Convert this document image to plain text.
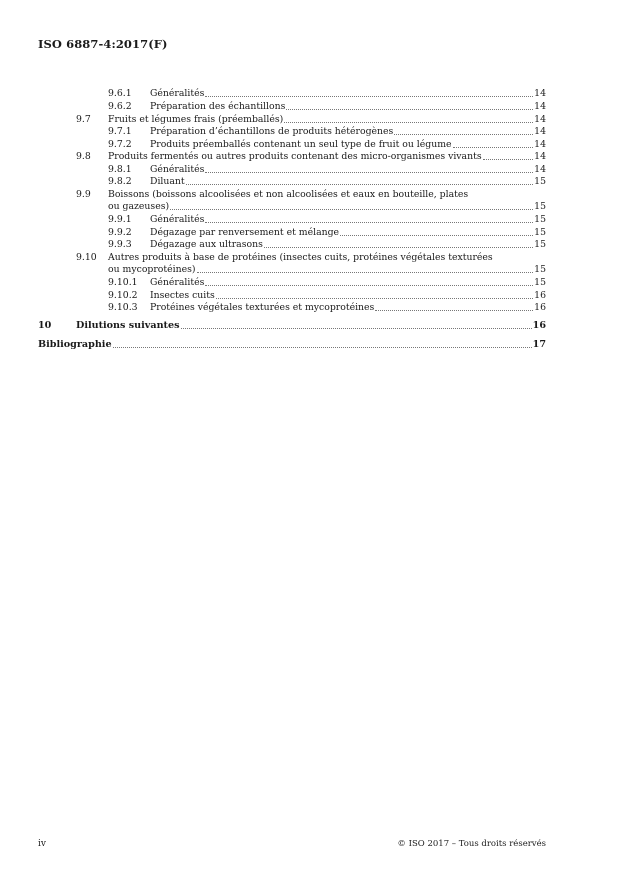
ISO 6887-4:2017(F)
9.6.1 Généralités	14
9.6.2 Préparation des échantillons	14
9.7 Fruits et légumes frais (préemballés)	14
9.7.1 Préparation d’échantillons de produits hétérogènes	14
9.7.2 Produits préemballés contenant un seul type de fruit ou légume	14
9.8 Produits fermentés ou autres produits contenant des micro-organismes vivants	14
9.8.1 Généralités	14
9.8.2 Diluant	15
9.9 Boissons (boissons alcoolisées et non alcoolisées et eaux en bouteille, plates
ou gazeuses)	15
9.9.1 Généralités	15
9.9.2 Dégazage par renversement et mélange	15
9.9.3 Dégazage aux ultrasons	15
9.10 Autres produits à base de protéines (insectes cuits, protéines végétales texturées
ou mycoprotéines)	15
9.10.1 Généralités	15
9.10.2 Insectes cuits	16
9.10.3 Protéines végétales texturées et mycoprotéines	16
10	Dilutions suivantes	16
Bibliographie	17
iv	© ISO 2017 – Tous droits réservés
